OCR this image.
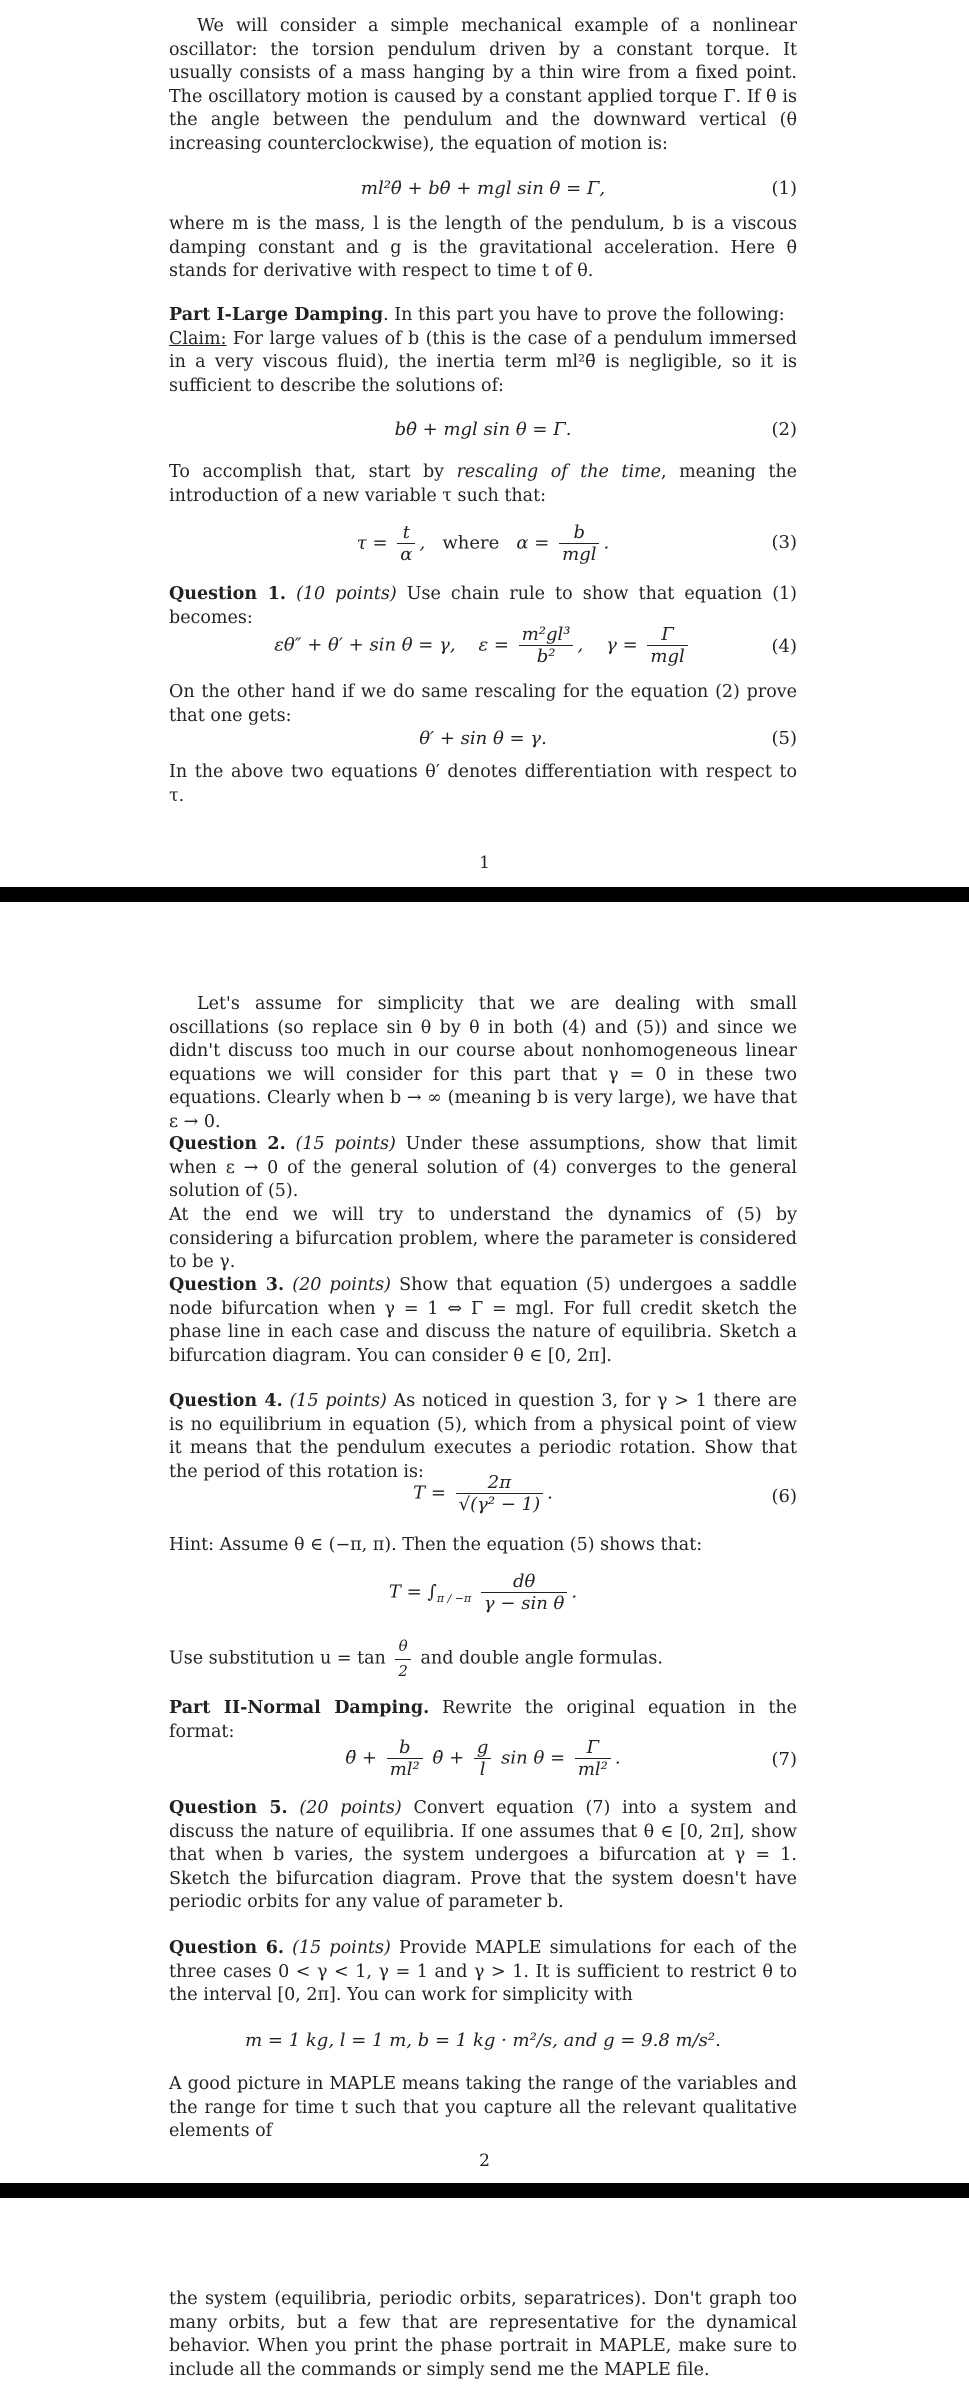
We will consider a simple mechanical example of a nonlinear oscillator: the torsion pendulum driven by a constant torque. It usually consists of a mass hanging by a thin wire from a fixed point. The oscillatory motion is caused by a constant applied torque Γ. If θ is the angle between the pendulum and the downward vertical (θ increasing counterclockwise), the equation of motion is:
ml²θ̈ + bθ̇ + mgl sin θ = Γ,	(1)
where m is the mass, l is the length of the pendulum, b is a viscous damping constant and g is the gravitational acceleration. Here θ̇ stands for derivative with respect to time t of θ.
Part I-Large Damping. In this part you have to prove the following:
Claim: For large values of b (this is the case of a pendulum immersed in a very viscous fluid), the inertia term ml²θ̈ is negligible, so it is sufficient to describe the solutions of:
bθ̇ + mgl sin θ = Γ.	(2)
To accomplish that, start by rescaling of the time, meaning the introduction of a new variable τ such that:
$\tau = \frac{t}{\alpha}$ ,   where $\alpha = \frac{b}{\text{mgl}}$ .	(3)
Question 1. (10 points) Use chain rule to show that equation (1) becomes:
εθ″ + θ′ + sin θ = γ, $\varepsilon = \frac{\text{m²gl³}}{\text{b²}}$ ,    $\gamma = \frac{\Gamma}{\text{mgl}}$	(4)
On the other hand if we do same rescaling for the equation (2) prove that one gets:
θ′ + sin θ = γ.	(5)
In the above two equations θ′ denotes differentiation with respect to τ.
1
Let's assume for simplicity that we are dealing with small oscillations (so replace sin θ by θ in both (4) and (5)) and since we didn't discuss too much in our course about nonhomogeneous linear equations we will consider for this part that γ = 0 in these two equations. Clearly when b → ∞ (meaning b is very large), we have that ε → 0.
Question 2. (15 points) Under these assumptions, show that limit when ε → 0 of the general solution of (4) converges to the general solution of (5).
At the end we will try to understand the dynamics of (5) by considering a bifurcation problem, where the parameter is considered to be γ.
Question 3. (20 points) Show that equation (5) undergoes a saddle node bifurcation when γ = 1 ⇔ Γ = mgl. For full credit sketch the phase line in each case and discuss the nature of equilibria. Sketch a bifurcation diagram. You can consider θ ∈ [0, 2π].
Question 4. (15 points) As noticed in question 3, for γ > 1 there are is no equilibrium in equation (5), which from a physical point of view it means that the pendulum executes a periodic rotation. Show that the period of this rotation is:
$T = \frac{2\pi}{\text{√(γ² − 1)}}$ .	(6)
Hint: Assume θ ∈ (−π, π). Then the equation (5) shows that:
$T = \int_{\pi / -\pi} \frac{d\theta}{\text{γ − sin θ}}$ .
Use substitution $u = \tan \frac{\theta}{2}$ and double angle formulas.
Part II-Normal Damping. Rewrite the original equation in the format:
θ̈ + $\frac{b}{\text{ml²}}$ θ̇ + $\frac{g}{l}$ $\sin \theta = \frac{\Gamma}{\text{ml²}}$ .	(7)
Question 5. (20 points) Convert equation (7) into a system and discuss the nature of equilibria. If one assumes that θ ∈ [0, 2π], show that when b varies, the system undergoes a bifurcation at γ = 1. Sketch the bifurcation diagram. Prove that the system doesn't have periodic orbits for any value of parameter b.
Question 6. (15 points) Provide MAPLE simulations for each of the three cases 0 < γ < 1, γ = 1 and γ > 1. It is sufficient to restrict θ to the interval [0, 2π]. You can work for simplicity with
m = 1 kg, l = 1 m, b = 1 kg · m²/s, and g = 9.8 m/s².
A good picture in MAPLE means taking the range of the variables and the range for time t such that you capture all the relevant qualitative elements of
2
the system (equilibria, periodic orbits, separatrices). Don't graph too many orbits, but a few that are representative for the dynamical behavior. When you print the phase portrait in MAPLE, make sure to include all the commands or simply send me the MAPLE file.
